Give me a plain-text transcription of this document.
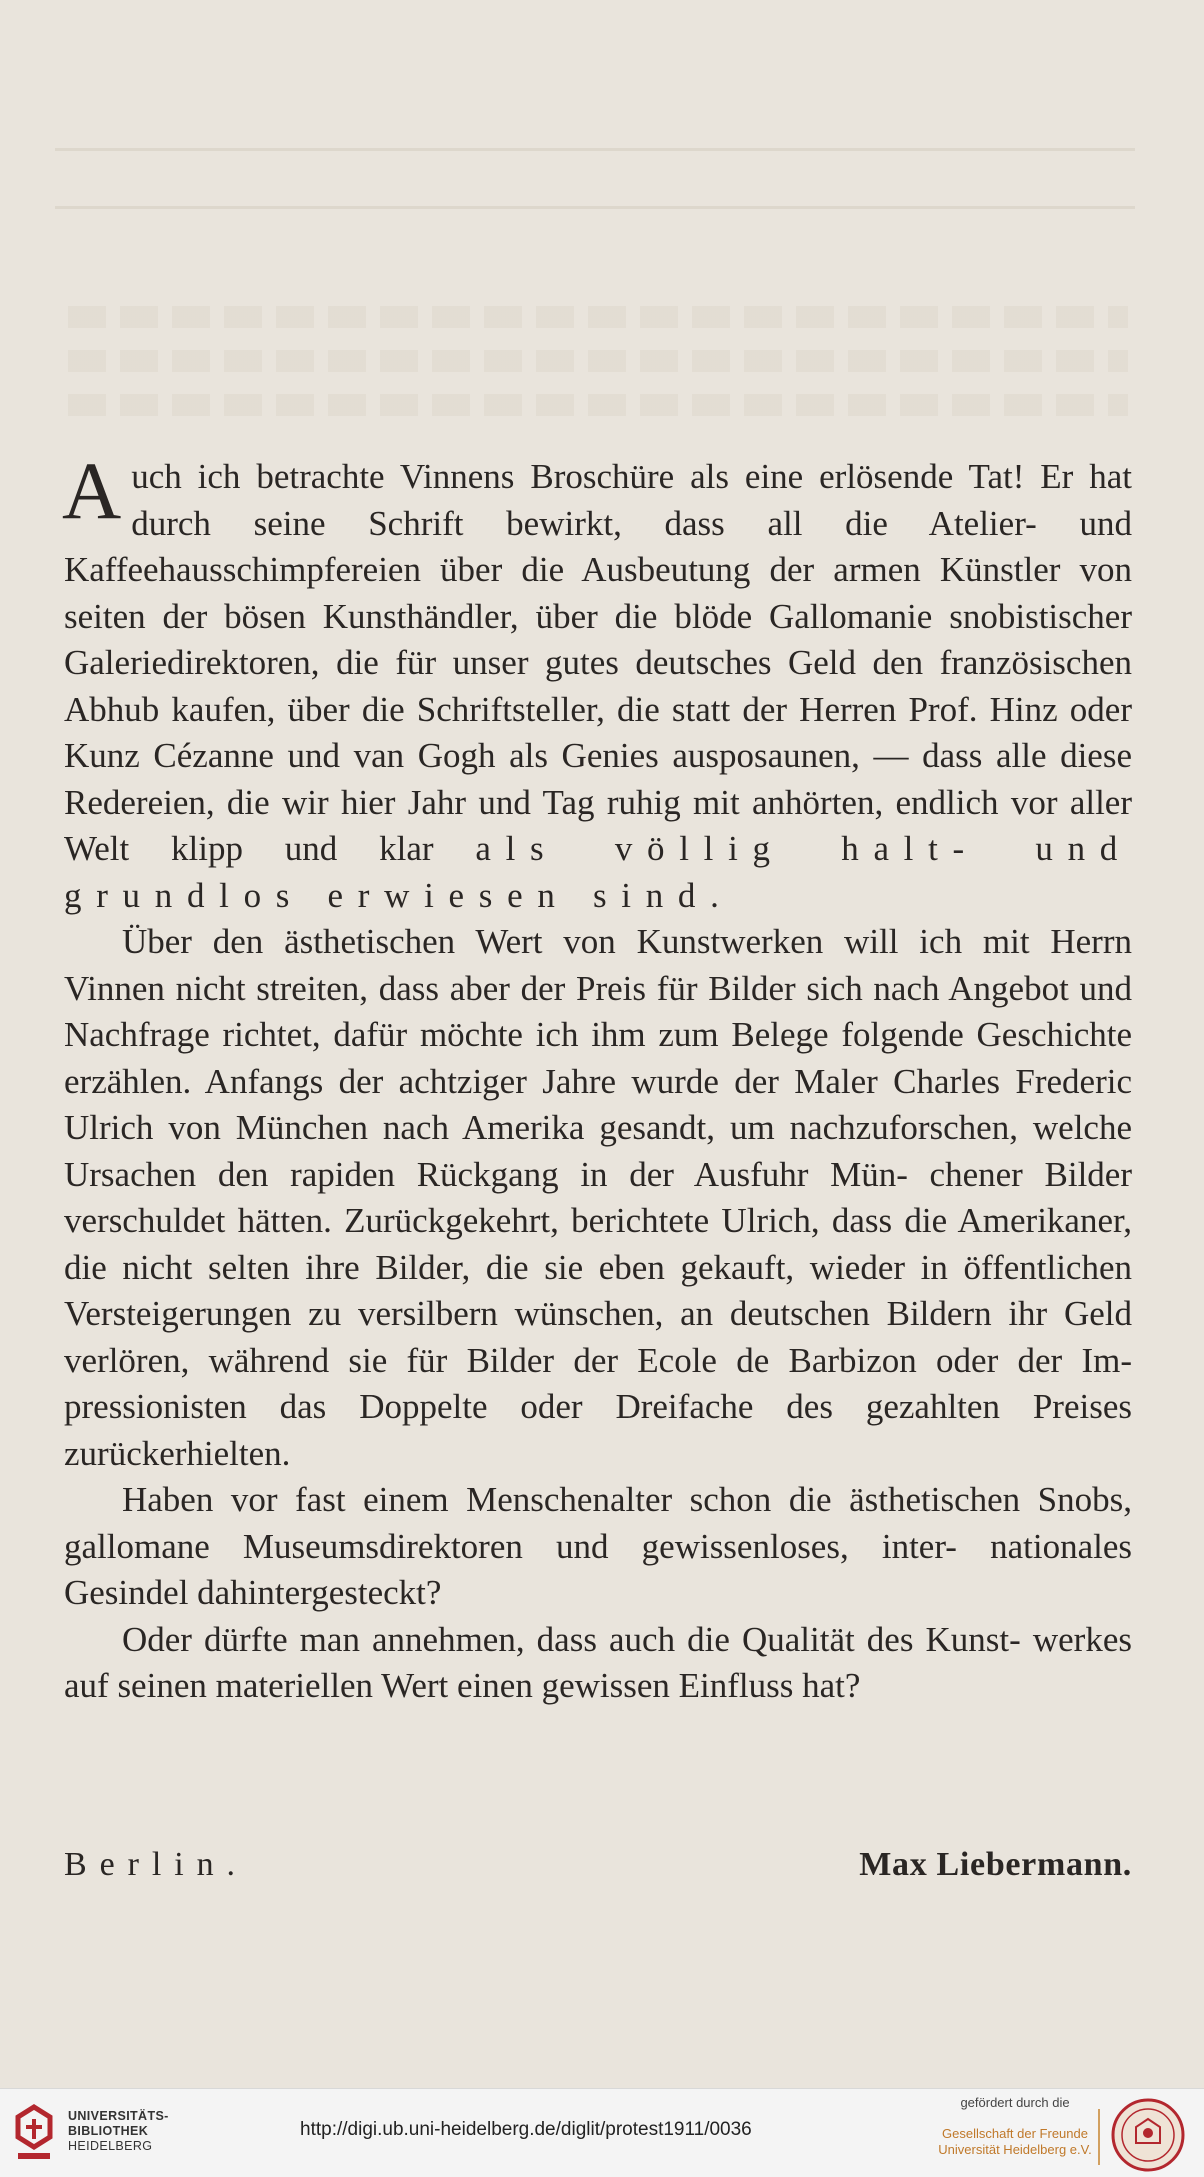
Auch ich betrachte Vinnens Broschüre als eine erlösende Tat! Er hat durch seine Schrift bewirkt, dass all die Atelier- und Kaffeehausschimpfereien über die Ausbeutung der armen Künstler von seiten der bösen Kunsthändler, über die blöde Gallomanie snobistischer Galeriedirektoren, die für unser gutes deutsches Geld den französischen Abhub kaufen, über die Schriftsteller, die statt der Herren Prof. Hinz oder Kunz Cézanne und van Gogh als Genies ausposaunen, — dass alle diese Redereien, die wir hier Jahr und Tag ruhig mit anhörten, endlich vor aller Welt klipp und klar als völlig halt- und grundlos erwiesen sind.

Über den ästhetischen Wert von Kunstwerken will ich mit Herrn Vinnen nicht streiten, dass aber der Preis für Bilder sich nach Angebot und Nachfrage richtet, dafür möchte ich ihm zum Belege folgende Geschichte erzählen. Anfangs der achtziger Jahre wurde der Maler Charles Frederic Ulrich von München nach Amerika gesandt, um nachzuforschen, welche Ursachen den rapiden Rückgang in der Ausfuhr Mün- chener Bilder verschuldet hätten. Zurückgekehrt, berichtete Ulrich, dass die Amerikaner, die nicht selten ihre Bilder, die sie eben gekauft, wieder in öffentlichen Versteigerungen zu versilbern wünschen, an deutschen Bildern ihr Geld verlören, während sie für Bilder der Ecole de Barbizon oder der Im- pressionisten das Doppelte oder Dreifache des gezahlten Preises zurückerhielten.

Haben vor fast einem Menschenalter schon die ästhetischen Snobs, gallomane Museumsdirektoren und gewissenloses, inter- nationales Gesindel dahintergesteckt?

Oder dürfte man annehmen, dass auch die Qualität des Kunst- werkes auf seinen materiellen Wert einen gewissen Einfluss hat?

Berlin.	Max Liebermann.
UNIVERSITÄTS-
BIBLIOTHEK
HEIDELBERG
http://digi.ub.uni-heidelberg.de/diglit/protest1911/0036
gefördert durch die
Gesellschaft der Freunde
Universität Heidelberg e.V.
